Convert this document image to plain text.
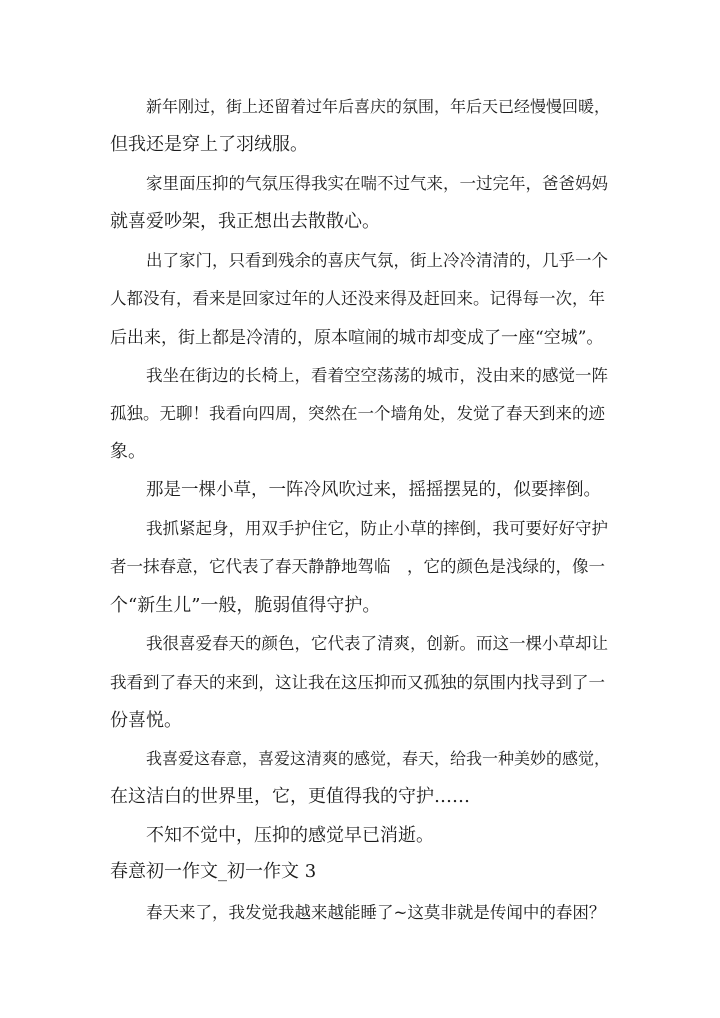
新年刚过，街上还留着过年后喜庆的氛围，年后天已经慢慢回暖，
但我还是穿上了羽绒服。
家里面压抑的气氛压得我实在喘不过气来，一过完年，爸爸妈妈
就喜爱吵架，我正想出去散散心。
出了家门，只看到残余的喜庆气氛，街上冷冷清清的，几乎一个
人都没有，看来是回家过年的人还没来得及赶回来。记得每一次，年
后出来，街上都是冷清的，原本喧闹的城市却变成了一座“空城”。
我坐在街边的长椅上，看着空空荡荡的城市，没由来的感觉一阵
孤独。无聊！我看向四周，突然在一个墙角处，发觉了春天到来的迹
象。
那是一棵小草，一阵冷风吹过来，摇摇摆晃的，似要摔倒。
我抓紧起身，用双手护住它，防止小草的摔倒，我可要好好守护
者一抹春意，它代表了春天静静地驾临　，它的颜色是浅绿的，像一
个“新生儿”一般，脆弱值得守护。
我很喜爱春天的颜色，它代表了清爽，创新。而这一棵小草却让
我看到了春天的来到，这让我在这压抑而又孤独的氛围内找寻到了一
份喜悦。
我喜爱这春意，喜爱这清爽的感觉，春天，给我一种美妙的感觉，
在这洁白的世界里，它，更值得我的守护……
不知不觉中，压抑的感觉早已消逝。
春意初一作文_初一作文 3
春天来了，我发觉我越来越能睡了~这莫非就是传闻中的春困？
